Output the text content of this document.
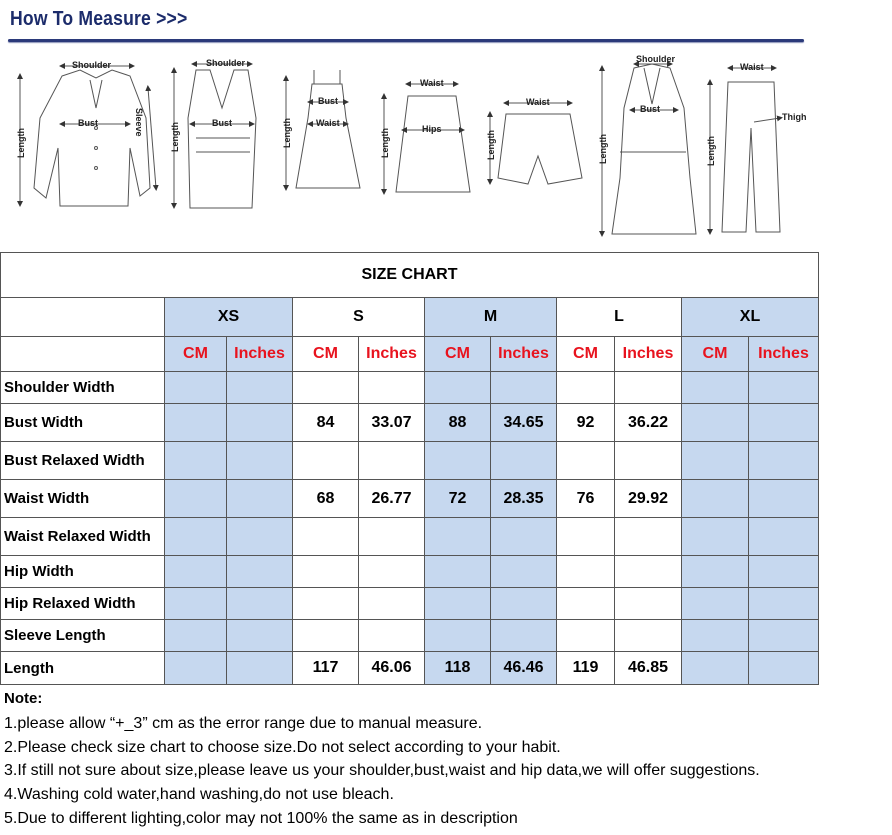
How To Measure >>>
Shoulder
Bust
Length
Sleeve
Shoulder
Bust
Length
Bust
Waist
Length
Waist
Hips
Length
Waist
Length
Shoulder
Bust
Length
Waist
Thigh
Length
SIZE CHART										
	XS		S		M		L		XL	
	CM	Inches	CM	Inches	CM	Inches	CM	Inches	CM	Inches
Shoulder Width										
Bust Width			84	33.07	88	34.65	92	36.22		
Bust Relaxed Width										
Waist Width			68	26.77	72	28.35	76	29.92		
Waist Relaxed Width										
Hip Width										
Hip Relaxed Width										
Sleeve Length										
Length			117	46.06	118	46.46	119	46.85		
Note:
1.please allow “+_3” cm as the error range due to manual measure.
2.Please check size chart to choose size.Do not select according to your habit.
3.If still not sure about size,please leave us your shoulder,bust,waist and hip data,we will offer suggestions.
4.Washing cold water,hand washing,do not use bleach.
5.Due to different lighting,color may not 100% the same as in description
